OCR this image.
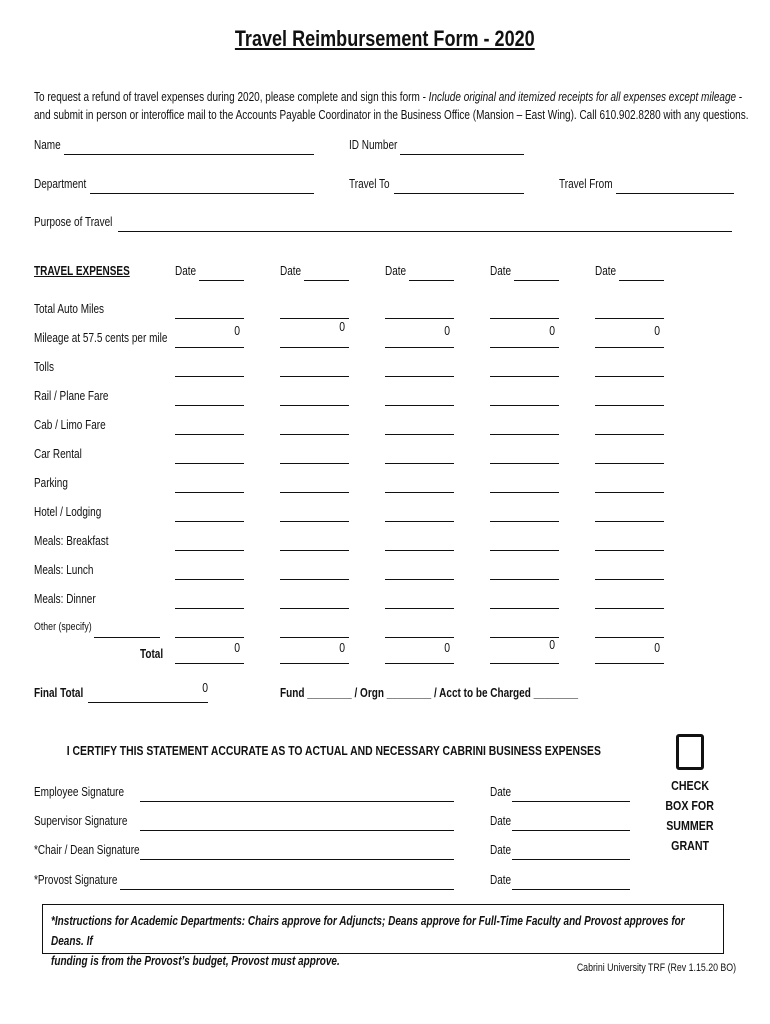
Travel Reimbursement Form - 2020
To request a refund of travel expenses during 2020, please complete and sign this form - Include original and itemized receipts for all expenses except mileage -
and submit in person or interoffice mail to the Accounts Payable Coordinator in the Business Office (Mansion – East Wing). Call 610.902.8280 with any questions.
Name	ID Number
Department	Travel To	Travel From
Purpose of Travel
TRAVEL EXPENSES	Date	Date	Date	Date	Date
Total Auto Miles
Mileage at 57.5 cents per mile	0	0	0	0	0
Tolls
Rail / Plane Fare
Cab / Limo Fare
Car Rental
Parking
Hotel / Lodging
Meals: Breakfast
Meals: Lunch
Meals: Dinner
Other (specify)
Total	0	0	0	0	0
Final Total	0	Fund ________ / Orgn ________ / Acct to be Charged ________
I CERTIFY THIS STATEMENT ACCURATE AS TO ACTUAL AND NECESSARY CABRINI BUSINESS EXPENSES
CHECK
BOX FOR
SUMMER
GRANT
Employee Signature	Date
Supervisor Signature	Date
*Chair / Dean Signature	Date
*Provost Signature	Date
*Instructions for Academic Departments: Chairs approve for Adjuncts; Deans approve for Full-Time Faculty and Provost approves for Deans. If
funding is from the Provost’s budget, Provost must approve.	Cabrini University TRF (Rev 1.15.20 BO)
